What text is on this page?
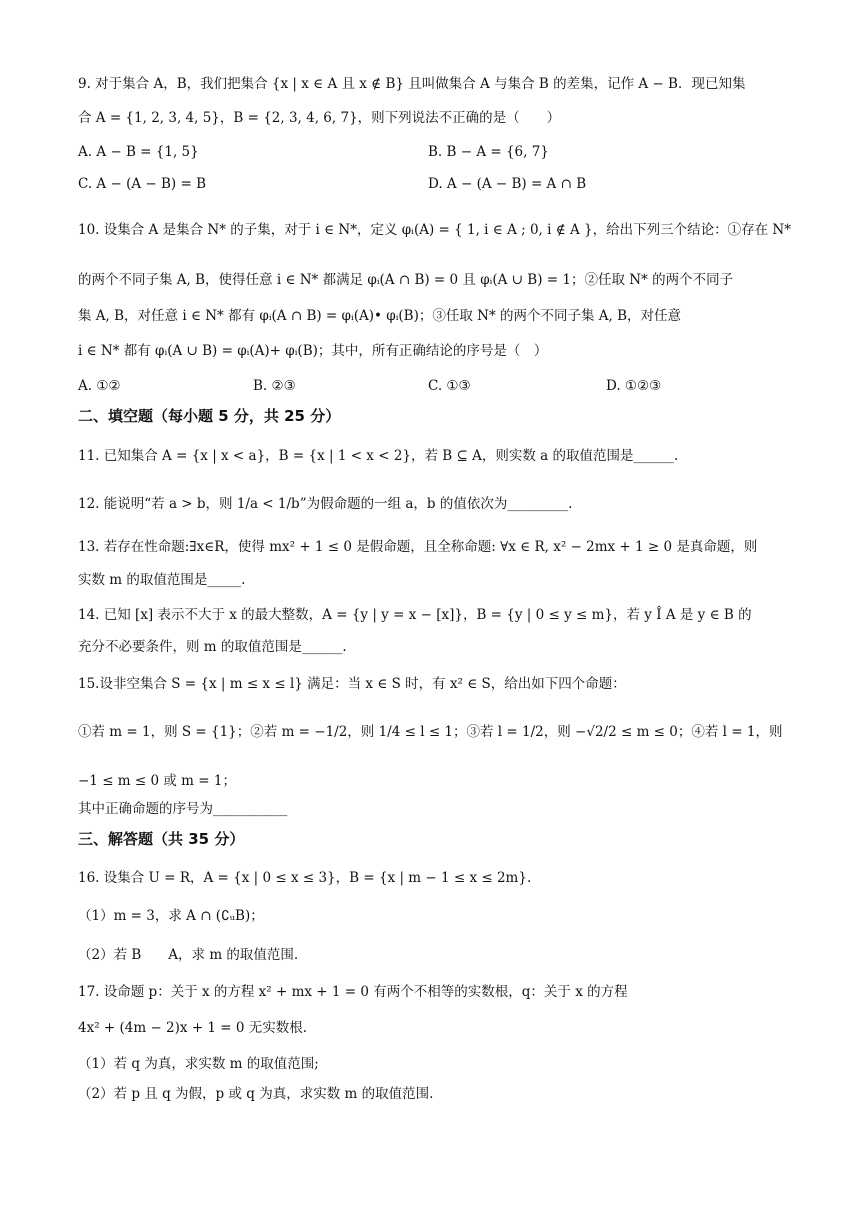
9. 对于集合 A，B，我们把集合 {x | x ∈ A 且 x ∉ B} 且叫做集合 A 与集合 B 的差集，记作 A − B．现已知集
合 A = {1, 2, 3, 4, 5}，B = {2, 3, 4, 6, 7}，则下列说法不正确的是（　　）
A. A − B = {1, 5}	B. B − A = {6, 7}
C. A − (A − B) = B	D. A − (A − B) = A ∩ B
10. 设集合 A 是集合 N* 的子集，对于 i ∈ N*，定义 φᵢ(A) = { 1, i ∈ A ; 0, i ∉ A }，给出下列三个结论：①存在 N*
的两个不同子集 A, B，使得任意 i ∈ N* 都满足 φᵢ(A ∩ B) = 0 且 φᵢ(A ∪ B) = 1；②任取 N* 的两个不同子
集 A, B，对任意 i ∈ N* 都有 φᵢ(A ∩ B) = φᵢ(A)• φᵢ(B)；③任取 N* 的两个不同子集 A, B，对任意
i ∈ N* 都有 φᵢ(A ∪ B) = φᵢ(A)+ φᵢ(B)；其中，所有正确结论的序号是（　）
A. ①②	B. ②③	C. ①③	D. ①②③
二、填空题（每小题 5 分，共 25 分）
11. 已知集合 A = {x | x < a}，B = {x | 1 < x < 2}，若 B ⊆ A，则实数 a 的取值范围是______.
12. 能说明“若 a > b，则 1/a < 1/b”为假命题的一组 a，b 的值依次为_________.
13. 若存在性命题:∃x∈R，使得 mx² + 1 ≤ 0 是假命题，且全称命题: ∀x ∈ R, x² − 2mx + 1 ≥ 0 是真命题，则
实数 m 的取值范围是_____.
14. 已知 [x] 表示不大于 x 的最大整数，A = {y | y = x − [x]}，B = {y | 0 ≤ y ≤ m}，若 y Î A 是 y ∈ B 的
充分不必要条件，则 m 的取值范围是______.
15.设非空集合 S = {x | m ≤ x ≤ l} 满足：当 x ∈ S 时，有 x² ∈ S，给出如下四个命题：
①若 m = 1，则 S = {1}；②若 m = −1/2，则 1/4 ≤ l ≤ 1；③若 l = 1/2，则 −√2/2 ≤ m ≤ 0；④若 l = 1，则
−1 ≤ m ≤ 0 或 m = 1；
其中正确命题的序号为___________
三、解答题（共 35 分）
16. 设集合 U = R，A = {x | 0 ≤ x ≤ 3}，B = {x | m − 1 ≤ x ≤ 2m}.
（1）m = 3，求 A ∩ (∁ᵤB)；
（2）若 B　　A，求 m 的取值范围.
17. 设命题 p：关于 x 的方程 x² + mx + 1 = 0 有两个不相等的实数根，q：关于 x 的方程
4x² + (4m − 2)x + 1 = 0 无实数根.
（1）若 q 为真，求实数 m 的取值范围;
（2）若 p 且 q 为假，p 或 q 为真，求实数 m 的取值范围.
